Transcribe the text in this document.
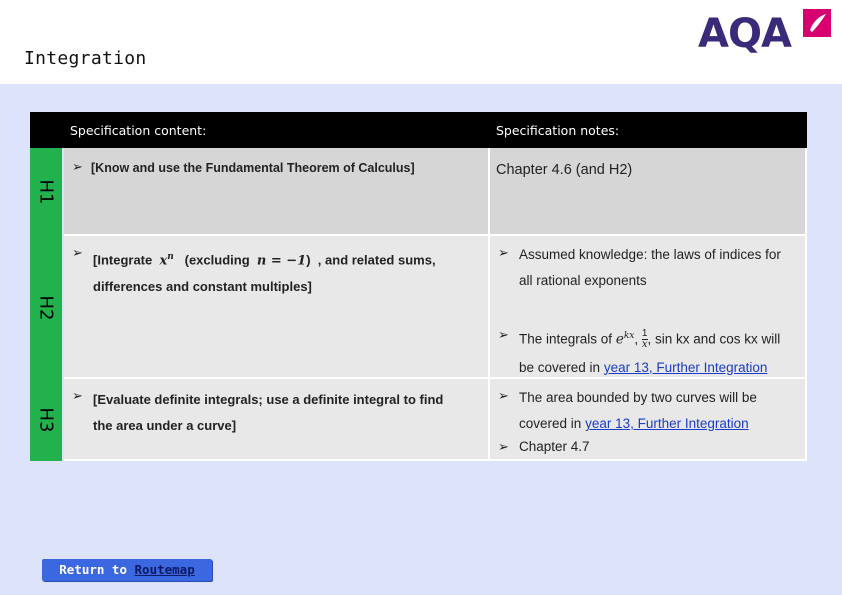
Integration
AQA
Specification content:	Specification notes:
H1
➢ [Know and use the Fundamental Theorem of Calculus]	Chapter 4.6 (and H2)
H2
➢ [Integrate $x^n$ (excluding n = −1) , and related sums,
differences and constant multiples]
➢ Assumed knowledge: the laws of indices for
all rational exponents
➢ The integrals of $e^{kx}$, $\frac{1}{x}$ , sin kx and cos kx will
be covered in year 13, Further Integration
H3
➢ [Evaluate definite integrals; use a definite integral to find
the area under a curve]
➢ The area bounded by two curves will be
covered in year 13, Further Integration
➢ Chapter 4.7
Return to Routemap
